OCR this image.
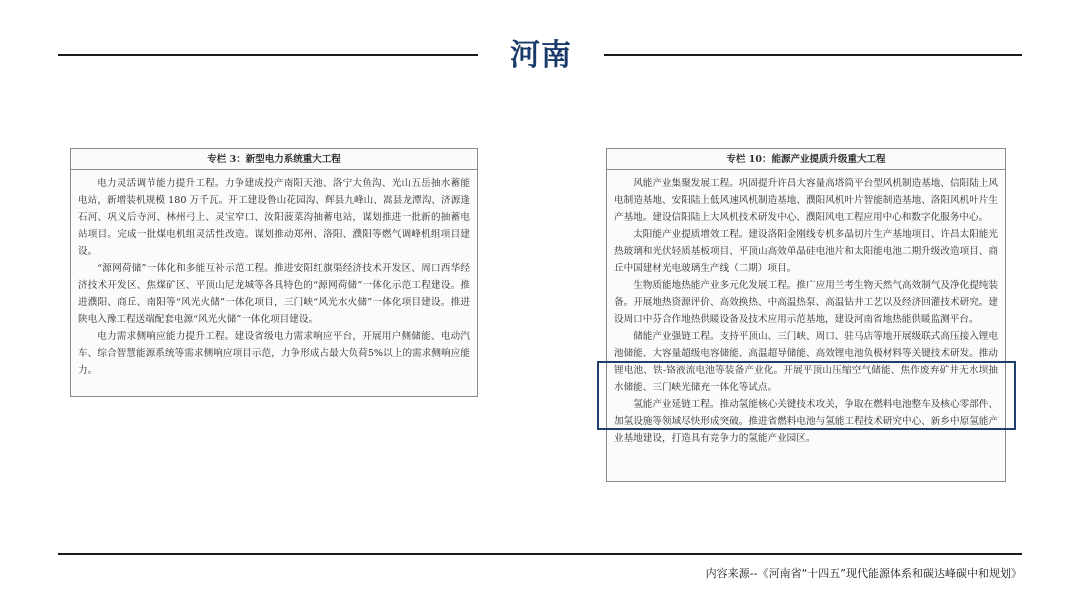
河南
专栏 3：新型电力系统重大工程

电力灵活调节能力提升工程。力争建成投产南阳天池、洛宁大鱼沟、光山五岳抽水蓄能电站，新增装机规模 180 万千瓦。开工建设鲁山花园沟、辉县九峰山、嵩县龙潭沟、济源逢石河、巩义后寺河、林州弓上、灵宝窄口、汝阳菠菜沟抽蓄电站，谋划推进一批新的抽蓄电站项目。完成一批煤电机组灵活性改造。谋划推动郑州、洛阳、濮阳等燃气调峰机组项目建设。

“源网荷储”一体化和多能互补示范工程。推进安阳红旗渠经济技术开发区、周口西华经济技术开发区、焦煤矿区、平顶山尼龙城等各具特色的“源网荷储”一体化示范工程建设。推进濮阳、商丘、南阳等“风光火储”一体化项目，三门峡“风光水火储”一体化项目建设。推进陕电入豫工程送端配套电源“风光火储”一体化项目建设。

电力需求侧响应能力提升工程。建设省级电力需求响应平台，开展用户侧储能、电动汽车、综合智慧能源系统等需求侧响应项目示范，力争形成占最大负荷5%以上的需求侧响应能力。

专栏 10：能源产业提质升级重大工程

风能产业集聚发展工程。巩固提升许昌大容量高塔筒平台型风机制造基地、信阳陆上风电制造基地、安阳陆上低风速风机制造基地、濮阳风机叶片智能制造基地、洛阳风机叶片生产基地。建设信阳陆上大风机技术研发中心、濮阳风电工程应用中心和数字化服务中心。

太阳能产业提质增效工程。建设洛阳金刚线专机多晶切片生产基地项目、许昌太阳能光热玻璃和光伏轻质基板项目、平顶山高效单晶硅电池片和太阳能电池二期升级改造项目、商丘中国建材光电玻璃生产线（二期）项目。

生物质能地热能产业多元化发展工程。推广应用兰考生物天然气高效制气及净化提纯装备。开展地热资源评价、高效换热、中高温热泵、高温钻井工艺以及经济回灌技术研究。建设周口中芬合作地热供暖设备及技术应用示范基地，建设河南省地热能供暖监测平台。

储能产业强链工程。支持平顶山、三门峡、周口、驻马店等地开展级联式高压接入锂电池储能、大容量超级电容储能、高温超导储能、高效锂电池负极材料等关键技术研发。推动锂电池、铁-铬液流电池等装备产业化。开展平顶山压缩空气储能、焦作废弃矿井无水坝抽水储能、三门峡光储充一体化等试点。

氢能产业延链工程。推动氢能核心关键技术攻关，争取在燃料电池整车及核心零部件、加氢设施等领域尽快形成突破。推进省燃料电池与氢能工程技术研究中心、新乡中原氢能产业基地建设，打造具有竞争力的氢能产业园区。

内容来源--《河南省“十四五”现代能源体系和碳达峰碳中和规划》
